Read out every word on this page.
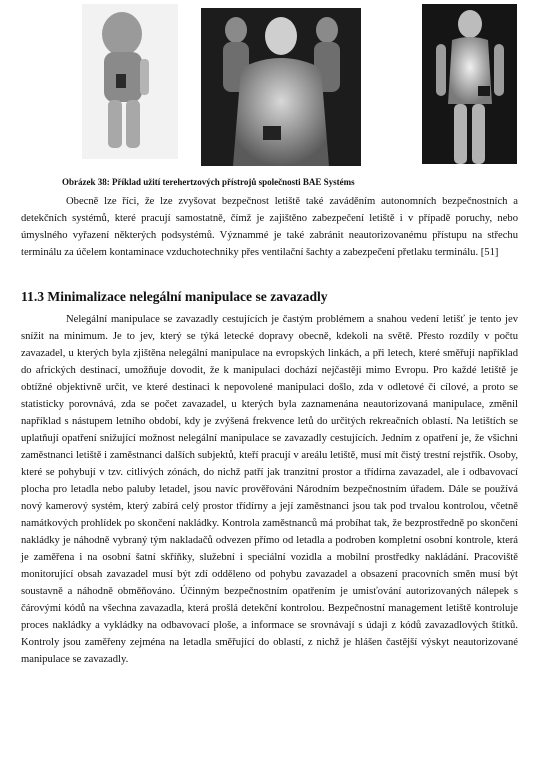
Obrázek 38: Příklad užití terehertzových přístrojů společnosti BAE Systéms

Obecně lze říci, že lze zvyšovat bezpečnost letiště také zaváděním autonomních bezpečnostních a detekčních systémů, které pracují samostatně, čímž je zajištěno zabezpečení letiště i v případě poruchy, nebo úmyslného vyřazení některých podsystémů. Význammé je také zabránit neautorizovanému přístupu na střechu terminálu za účelem kontaminace vzduchotechniky přes ventilační šachty a zabezpečení přetlaku terminálu. [51]

11.3 Minimalizace nelegální manipulace se zavazadly

Nelegální manipulace se zavazadly cestujících je častým problémem a snahou vedení letišť je tento jev snížit na minimum. Je to jev, který se týká letecké dopravy obecně, kdekoli na světě. Přesto rozdíly v počtu zavazadel, u kterých byla zjištěna nelegální manipulace na evropských linkách, a při letech, které směřují například do afrických destinací, umožňuje dovodit, že k manipulaci dochází nejčastěji mimo Evropu. Pro každé letiště je obtížné objektivně určit, ve které destinaci k nepovolené manipulaci došlo, zda v odletové či cílové, a proto se statisticky porovnává, zda se počet zavazadel, u kterých byla zaznamenána neautorizovaná manipulace, změnil například s nástupem letního období, kdy je zvýšená frekvence letů do určitých rekreačních oblastí. Na letištích se uplatňují opatření snižující možnost nelegální manipulace se zavazadly cestujících. Jedním z opatření je, že všichni zaměstnanci letiště i zaměstnanci dalších subjektů, kteří pracují v areálu letiště, musí mít čistý trestní rejstřík. Osoby, které se pohybují v tzv. citlivých zónách, do nichž patří jak tranzitní prostor a třídírna zavazadel, ale i odbavovací plocha pro letadla nebo paluby letadel, jsou navíc prověřováni Národním bezpečnostním úřadem. Dále se používá nový kamerový systém, který zabírá celý prostor třídírny a její zaměstnanci jsou tak pod trvalou kontrolou, včetně namátkových prohlídek po skončení nakládky. Kontrola zaměstnanců má probíhat tak, že bezprostředně po skončení nakládky je náhodně vybraný tým nakladačů odvezen přímo od letadla a podroben kompletní osobní kontrole, která je zaměřena i na osobní šatní skříňky, služební i speciální vozidla a mobilní prostředky nakládání. Pracoviště monitorující obsah zavazadel musí být zdí odděleno od pohybu zavazadel a obsazení pracovních směn musí být soustavně a náhodně obměňováno. Účinným bezpečnostním opatřením je umisťování autorizovaných nálepek s čárovými kódů na všechna zavazadla, která prošlá detekční kontrolou. Bezpečnostní management letiště kontroluje proces nakládky a vykládky na odbavovací ploše, a informace se srovnávají s údaji z kódů zavazadlových štítků. Kontroly jsou zaměřeny zejména na letadla směřující do oblastí, z nichž je hlášen častější výskyt neautorizované manipulace se zavazadly.
